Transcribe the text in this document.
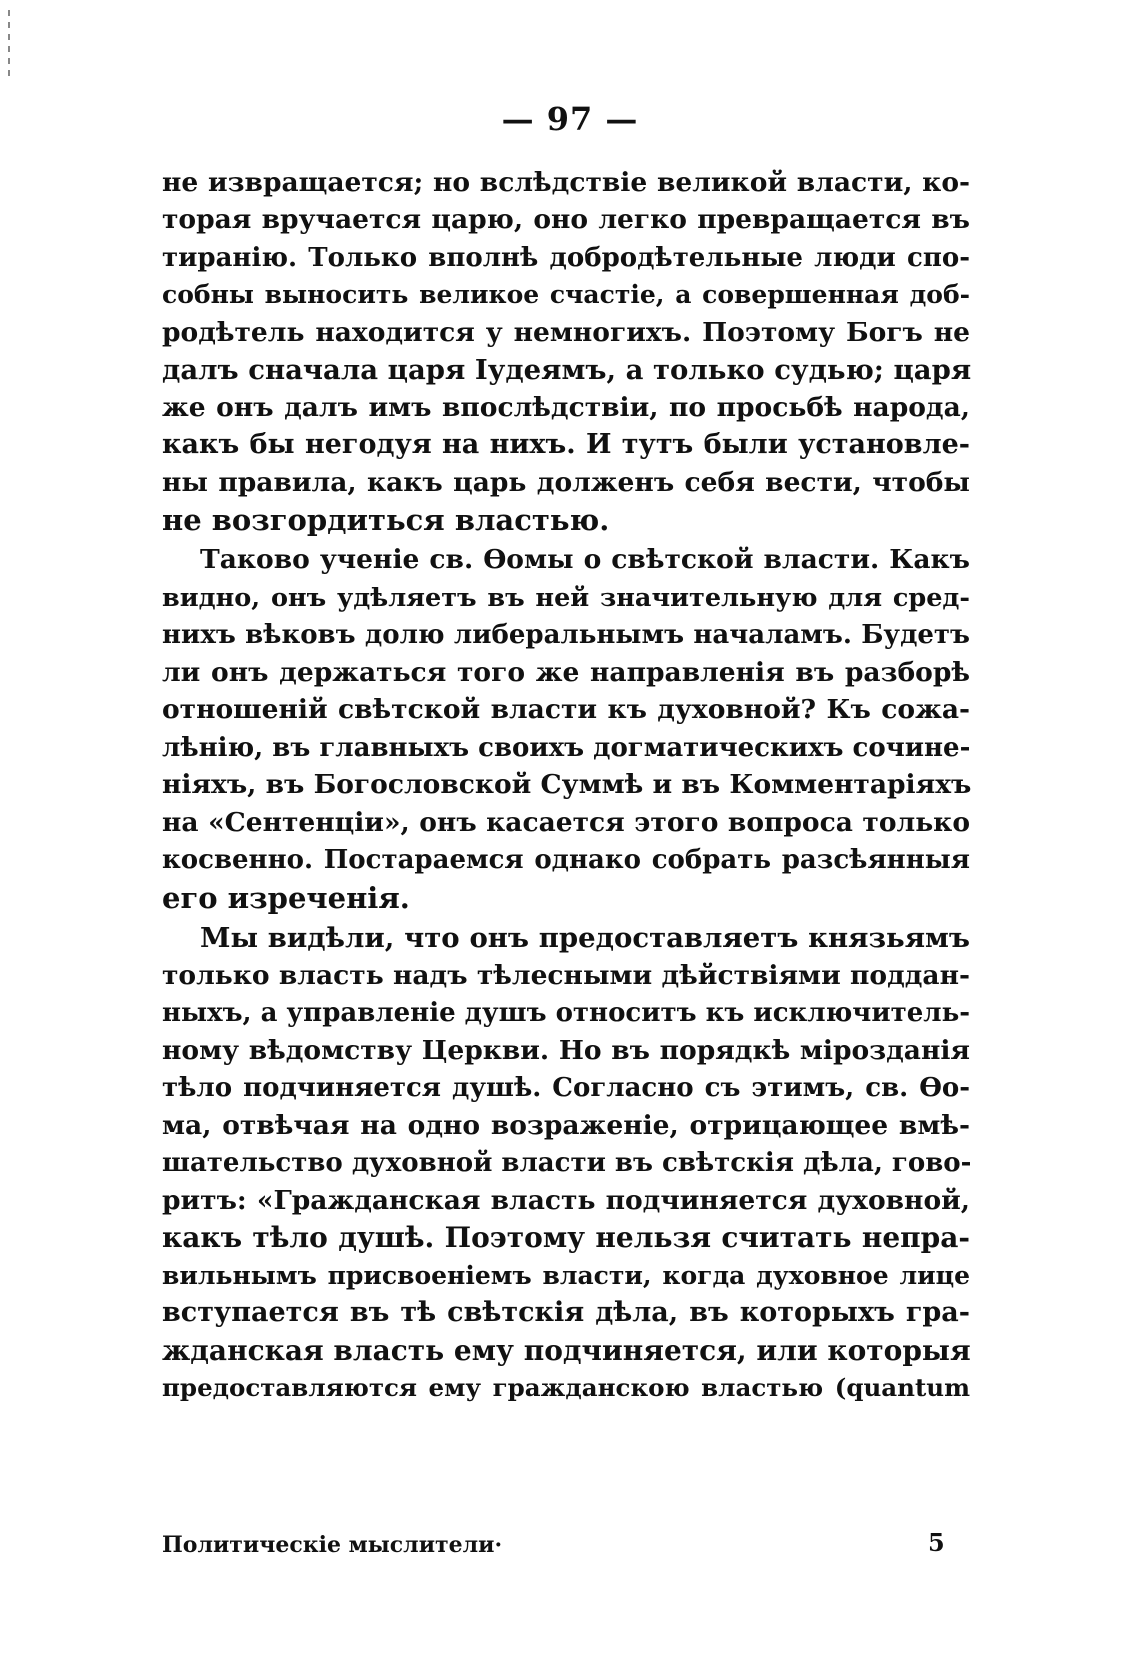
— 97 —
не извращается; но вслѣдствіе великой власти, ко-
торая вручается царю, оно легко превращается въ
тиранію. Только вполнѣ добродѣтельные люди спо-
собны выносить великое счастіе, а совершенная доб-
родѣтель находится у немногихъ. Поэтому Богъ не
далъ сначала царя Іудеямъ, а только судью; царя
же онъ далъ имъ впослѣдствіи, по просьбѣ народа,
какъ бы негодуя на нихъ. И тутъ были установле-
ны правила, какъ царь долженъ себя вести, чтобы
не возгордиться властью.
Таково ученіе св. Ѳомы о свѣтской власти. Какъ
видно, онъ удѣляетъ въ ней значительную для сред-
нихъ вѣковъ долю либеральнымъ началамъ. Будетъ
ли онъ держаться того же направленія въ разборѣ
отношеній свѣтской власти къ духовной? Къ сожа-
лѣнію, въ главныхъ своихъ догматическихъ сочине-
ніяхъ, въ Богословской Суммѣ и въ Комментаріяхъ
на «Сентенціи», онъ касается этого вопроса только
косвенно. Постараемся однако собрать разсѣянныя
его изреченія.
Мы видѣли, что онъ предоставляетъ князьямъ
только власть надъ тѣлесными дѣйствіями поддан-
ныхъ, а управленіе душъ относитъ къ исключитель-
ному вѣдомству Церкви. Но въ порядкѣ мірозданія
тѣло подчиняется душѣ. Согласно съ этимъ, св. Ѳо-
ма, отвѣчая на одно возраженіе, отрицающее вмѣ-
шательство духовной власти въ свѣтскія дѣла, гово-
ритъ: «Гражданская власть подчиняется духовной,
какъ тѣло душѣ. Поэтому нельзя считать непра-
вильнымъ присвоеніемъ власти, когда духовное лице
вступается въ тѣ свѣтскія дѣла, въ которыхъ гра-
жданская власть ему подчиняется, или которыя
предоставляются ему гражданскою властью (quantum
Политическіе мыслители·	5
